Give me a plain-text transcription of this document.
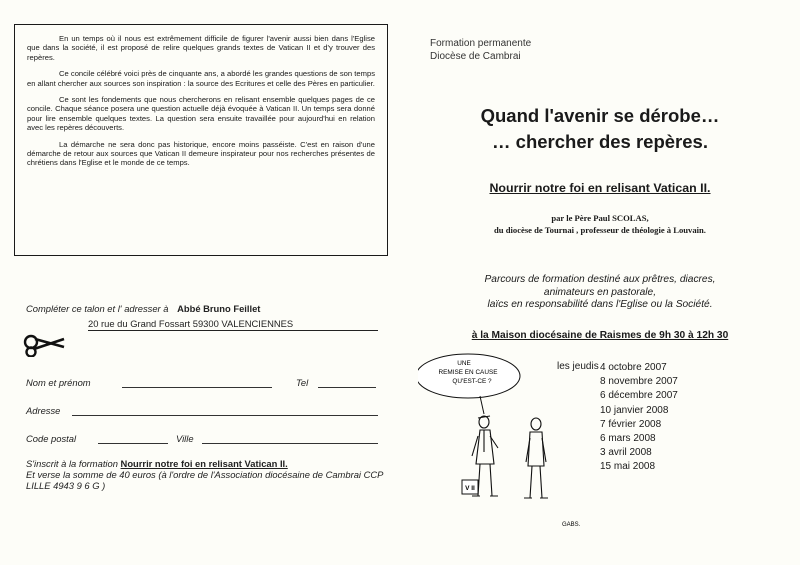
En un temps où il nous est extrêmement difficile de figurer l'avenir aussi bien dans l'Eglise que dans la société, il est proposé de relire quelques grands textes de Vatican II et d'y trouver des repères.

Ce concile célébré voici près de cinquante ans, a abordé les grandes questions de son temps en allant chercher aux sources son inspiration : la source des Ecritures et celle des Pères en particulier.

Ce sont les fondements que nous chercherons en relisant ensemble quelques pages de ce concile. Chaque séance posera une question actuelle déjà évoquée à Vatican II. Un temps sera donné pour lire ensemble quelques textes. La question sera ensuite travaillée pour aujourd'hui en relation avec les repères découverts.

La démarche ne sera donc pas historique, encore moins passéiste. C'est en raison d'une démarche de retour aux sources que Vatican II demeure inspirateur pour nos recherches présentes de chrétiens dans l'Eglise et le monde de ce temps.

Compléter ce talon et l' adresser à Abbé Bruno Feillet
20 rue du Grand Fossart 59300 VALENCIENNES
Nom et prénom	Tel
Adresse
Code postal	Ville
S'inscrit à la formation Nourrir notre foi en relisant Vatican II.
Et verse la somme de 40 euros (à l'ordre de l'Association diocésaine de Cambrai CCP LILLE 4943 9 6 G )
Formation permanente
Diocèse de Cambrai
Quand l'avenir se dérobe…
… chercher des repères.
Nourrir notre foi en relisant Vatican II.
par le Père Paul SCOLAS,
du diocèse de Tournai , professeur de théologie à Louvain.
Parcours de formation destiné aux prêtres, diacres,
animateurs en pastorale,
laïcs en responsabilité dans l'Eglise ou la Société.
à la Maison diocésaine de Raismes de 9h 30 à 12h 30
les jeudis 4 octobre 2007
8 novembre 2007
6 décembre 2007
10 janvier 2008
7 février 2008
6 mars 2008
3 avril 2008
15 mai 2008
UNE
REMISE EN CAUSE
QU'EST-CE ?
V II
GABS.
